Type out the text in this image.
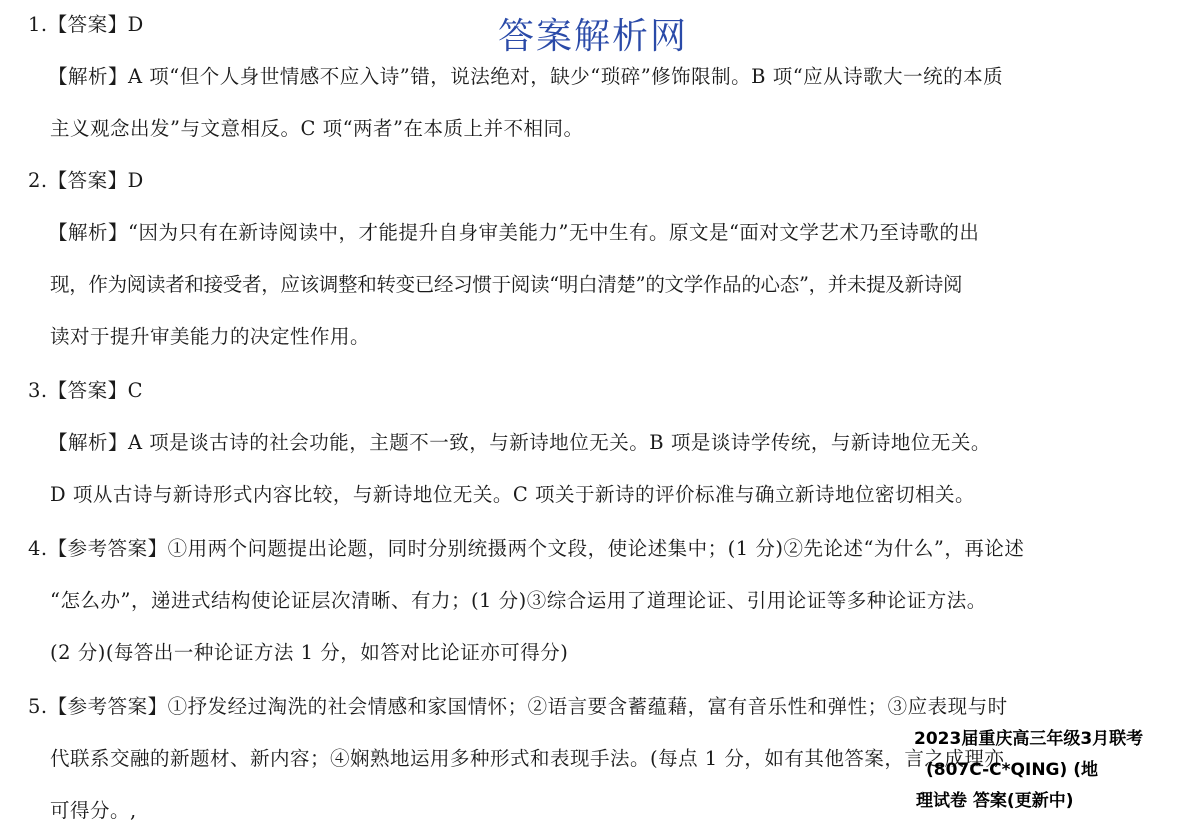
答案解析网
1.【答案】D
【解析】A 项“但个人身世情感不应入诗”错，说法绝对，缺少“琐碎”修饰限制。B 项“应从诗歌大一统的本质
主义观念出发”与文意相反。C 项“两者”在本质上并不相同。
2.【答案】D
【解析】“因为只有在新诗阅读中，才能提升自身审美能力”无中生有。原文是“面对文学艺术乃至诗歌的出
现，作为阅读者和接受者，应该调整和转变已经习惯于阅读“明白清楚”的文学作品的心态”，并未提及新诗阅
读对于提升审美能力的决定性作用。
3.【答案】C
【解析】A 项是谈古诗的社会功能，主题不一致，与新诗地位无关。B 项是谈诗学传统，与新诗地位无关。
D 项从古诗与新诗形式内容比较，与新诗地位无关。C 项关于新诗的评价标准与确立新诗地位密切相关。
4.【参考答案】①用两个问题提出论题，同时分别统摄两个文段，使论述集中；(1 分)②先论述“为什么”，再论述
“怎么办”，递进式结构使论证层次清晰、有力；(1 分)③综合运用了道理论证、引用论证等多种论证方法。
(2 分)(每答出一种论证方法 1 分，如答对比论证亦可得分)
5.【参考答案】①抒发经过淘洗的社会情感和家国情怀；②语言要含蓄蕴藉，富有音乐性和弹性；③应表现与时
代联系交融的新题材、新内容；④娴熟地运用多种形式和表现手法。(每点 1 分，如有其他答案，言之成理亦
可得分。,
2023届重庆高三年级3月联考
(807C-C*QING) (地
理试卷 答案(更新中)
